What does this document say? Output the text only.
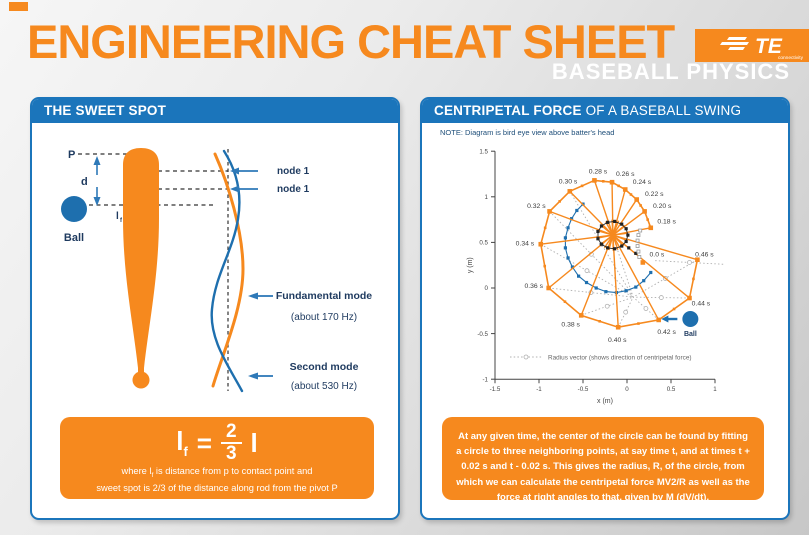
ENGINEERING CHEAT SHEET	TE
connectivity
BASEBALL PHYSICS
THE SWEET SPOT
P
d
l f
Ball
node 1
node 1
Fundamental mode
(about 170 Hz)
Second mode
(about 530 Hz)
$l_f = \frac{2}{3}$ l
where $l_f$ is distance from p to contact point and
sweet spot is 2/3 of the distance along rod from the pivot P
CENTRIPETAL FORCE OF A BASEBALL SWING
NOTE: Diagram is bird eye view above batter's head
-1.5	-1	-0.5	0	0.5	1
-1
-0.5
0
0.5
1
1.5
x (m)
y (m)
0.0 s
0.18 s
0.20 s
0.22 s
0.24 s
0.26 s
0.28 s
0.30 s
0.32 s
0.34 s
0.36 s
0.38 s
0.40 s
0.42 s
0.44 s
0.46 s
Ball
Radius vector (shows direction of centripetal force)
At any given time, the center of the circle can be found by fitting a circle to three neighboring points, at say time t, and at times t + 0.02 s and t - 0.02 s. This gives the radius, R, of the circle, from which we can calculate the centripetal force MV2/R as well as the force at right angles to that, given by M (dV/dt).
